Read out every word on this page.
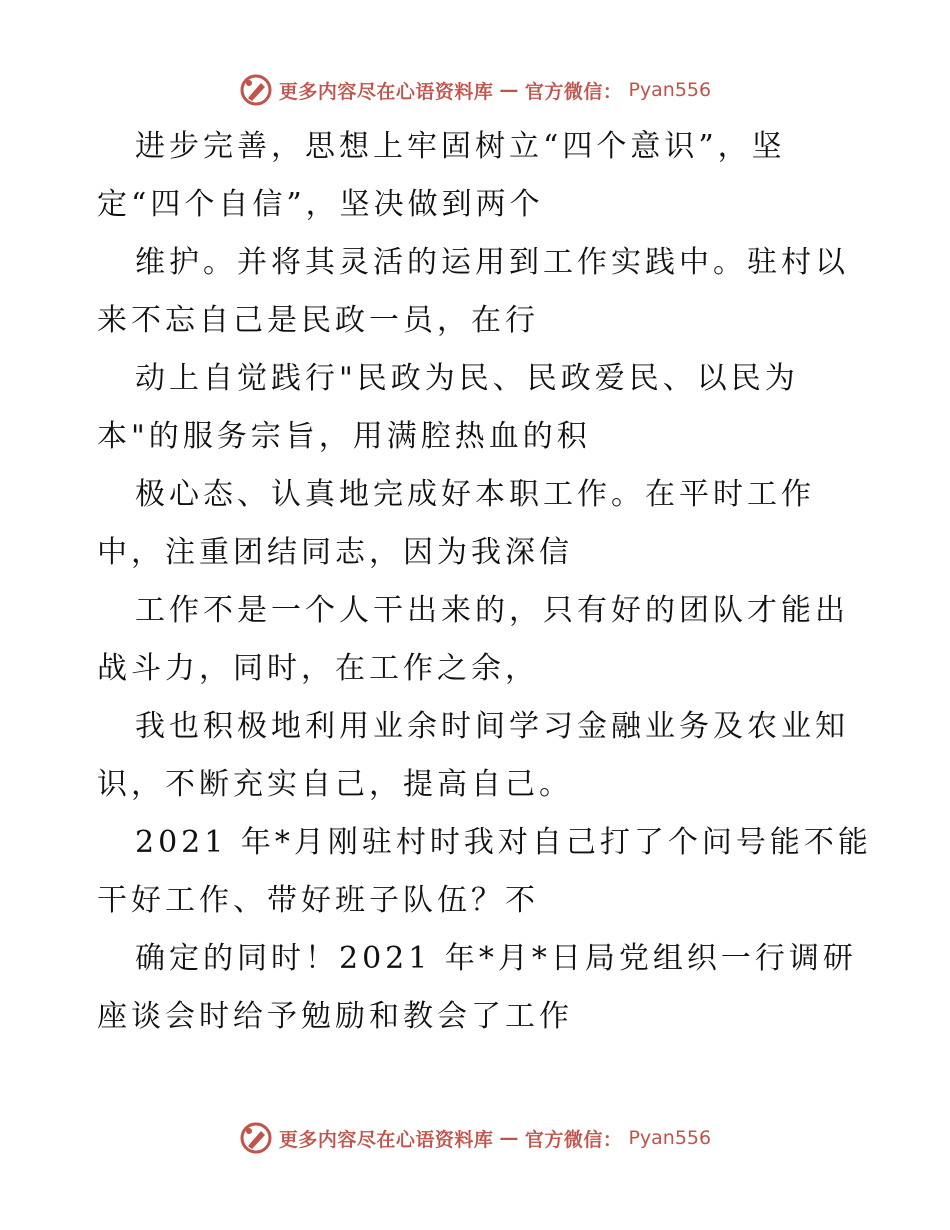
更多内容尽在心语资料库 — 官方微信： Pyan556

进步完善，思想上牢固树立“四个意识”，坚
定“四个自信”，坚决做到两个

维护。并将其灵活的运用到工作实践中。驻村以
来不忘自己是民政一员，在行

动上自觉践行"民政为民、民政爱民、以民为
本"的服务宗旨，用满腔热血的积

极心态、认真地完成好本职工作。在平时工作
中，注重团结同志，因为我深信

工作不是一个人干出来的，只有好的团队才能出
战斗力，同时，在工作之余，

我也积极地利用业余时间学习金融业务及农业知
识，不断充实自己，提高自己。

2021 年*月刚驻村时我对自己打了个问号能不能
干好工作、带好班子队伍？不

确定的同时！2021 年*月*日局党组织一行调研
座谈会时给予勉励和教会了工作

更多内容尽在心语资料库 — 官方微信： Pyan556
